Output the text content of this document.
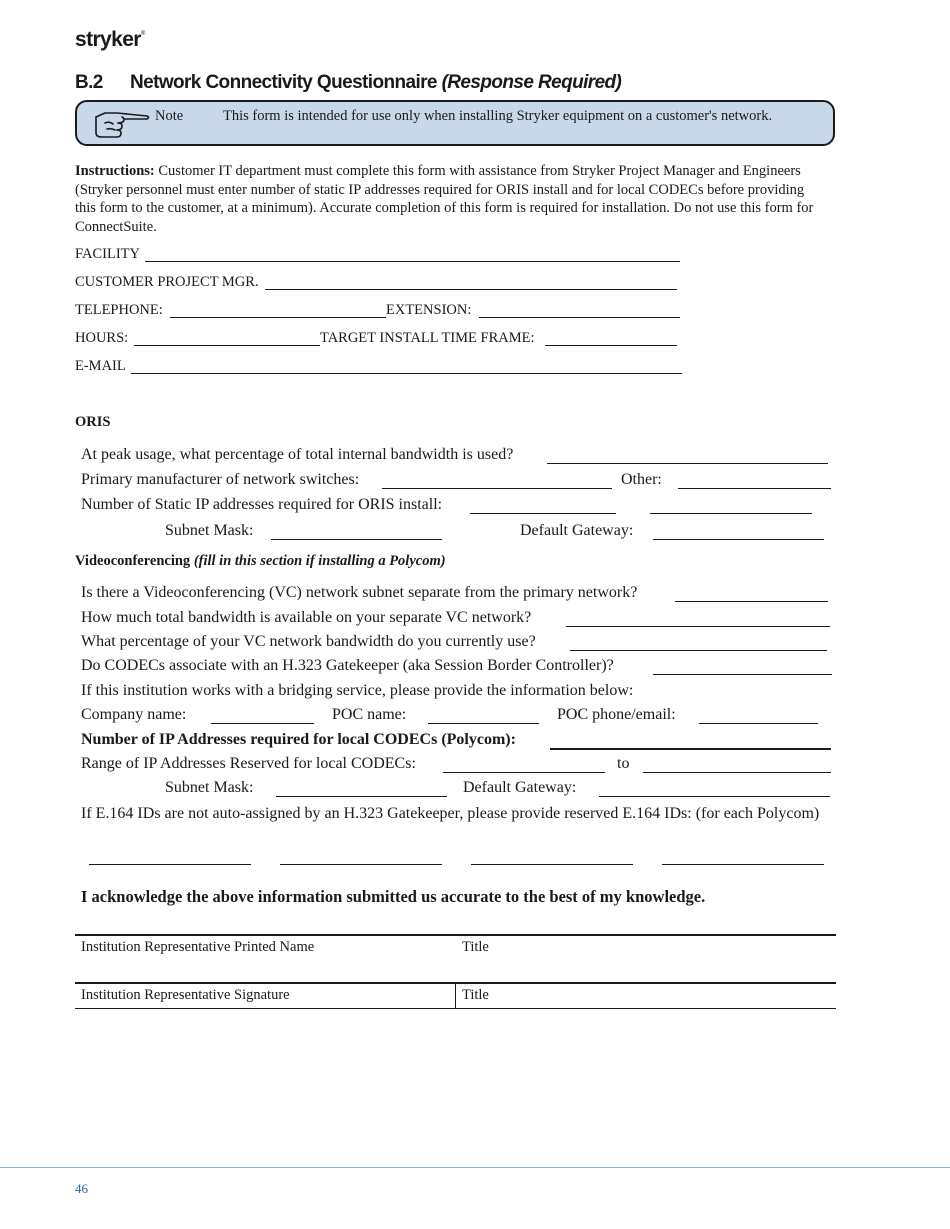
stryker®
B.2 Network Connectivity Questionnaire (Response Required)
Note	This form is intended for use only when installing Stryker equipment on a customer's network.
Instructions: Customer IT department must complete this form with assistance from Stryker Project Manager and Engineers (Stryker personnel must enter number of static IP addresses required for ORIS install and for local CODECs before providing this form to the customer, at a minimum). Accurate completion of this form is required for installation. Do not use this form for ConnectSuite.
FACILITY
CUSTOMER PROJECT MGR.
TELEPHONE:	EXTENSION:
HOURS:	TARGET INSTALL TIME FRAME:
E-MAIL
ORIS
At peak usage, what percentage of total internal bandwidth is used?
Primary manufacturer of network switches:	Other:
Number of Static IP addresses required for ORIS install:
Subnet Mask:	Default Gateway:
Videoconferencing (fill in this section if installing a Polycom)
Is there a Videoconferencing (VC) network subnet separate from the primary network?
How much total bandwidth is available on your separate VC network?
What percentage of your VC network bandwidth do you currently use?
Do CODECs associate with an H.323 Gatekeeper (aka Session Border Controller)?
If this institution works with a bridging service, please provide the information below:
Company name:	POC name:	POC phone/email:
Number of IP Addresses required for local CODECs (Polycom):
Range of IP Addresses Reserved for local CODECs:	to
Subnet Mask:	Default Gateway:
If E.164 IDs are not auto-assigned by an H.323 Gatekeeper, please provide reserved E.164 IDs: (for each Polycom)
I acknowledge the above information submitted us accurate to the best of my knowledge.
Institution Representative Printed Name	Title
Institution Representative Signature	Title
46
